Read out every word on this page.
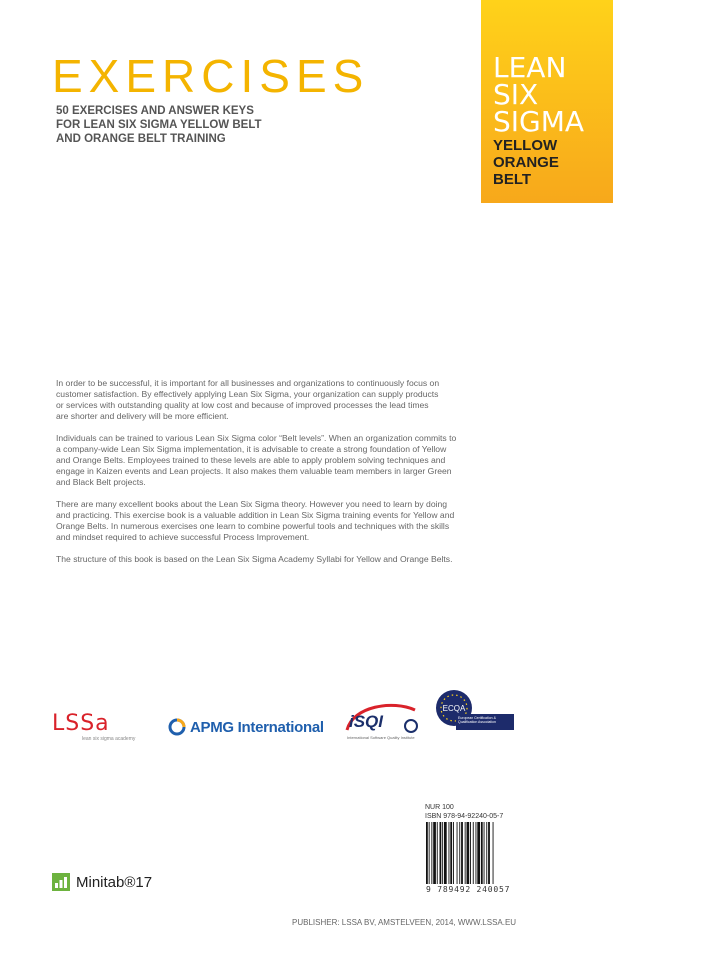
EXERCISES
50 EXERCISES AND ANSWER KEYS
FOR LEAN SIX SIGMA YELLOW BELT
AND ORANGE BELT TRAINING
LEAN
SIX
SIGMA
YELLOW
ORANGE
BELT

In order to be successful, it is important for all businesses and organizations to continuously focus on
customer satisfaction. By effectively applying Lean Six Sigma, your organization can supply products
or services with outstanding quality at low cost and because of improved processes the lead times
are shorter and delivery will be more efficient.

Individuals can be trained to various Lean Six Sigma color “Belt levels”. When an organization commits to
a company-wide Lean Six Sigma implementation, it is advisable to create a strong foundation of Yellow
and Orange Belts. Employees trained to these levels are able to apply problem solving techniques and
engage in Kaizen events and Lean projects. It also makes them valuable team members in larger Green
and Black Belt projects.

There are many excellent books about the Lean Six Sigma theory. However you need to learn by doing
and practicing. This exercise book is a valuable addition in Lean Six Sigma training events for Yellow and
Orange Belts. In numerous exercises one learn to combine powerful tools and techniques with the skills
and mindset required to achieve successful Process Improvement.

The structure of this book is based on the Lean Six Sigma Academy Syllabi for Yellow and Orange Belts.

LSSa
lean six sigma academy
APMG International iSQI
International Software Quality Institute
ECQA
European Certification & Qualification Association
Minitab®17
NUR 100
ISBN 978-94-92240-05-7
9 789492 240057
PUBLISHER: LSSA BV, AMSTELVEEN, 2014, WWW.LSSA.EU
